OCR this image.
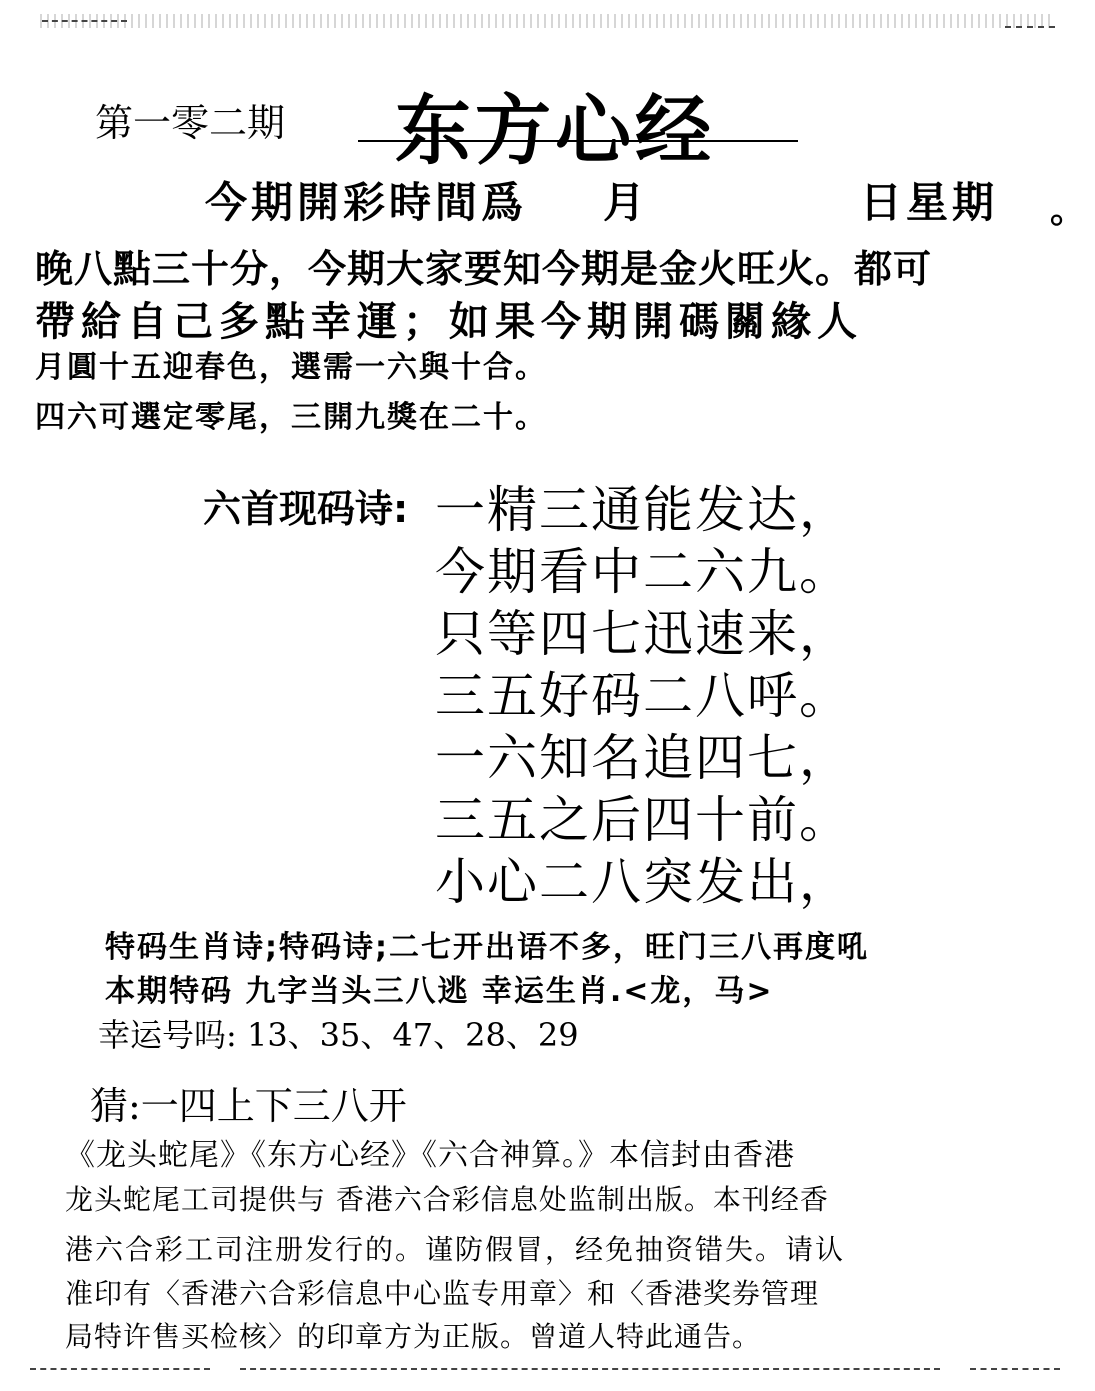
第一零二期 东方心经
今期開彩時間爲 月	日星期 。
晚八點三十分，今期大家要知今期是金火旺火。都可
帶給自己多點幸運；如果今期開碼關緣人
月圓十五迎春色，選需一六與十合。
四六可選定零尾，三開九獎在二十。
六首现码诗: 一精三通能发达，
今期看中二六九。
只等四七迅速来，
三五好码二八呼。
一六知名追四七，
三五之后四十前。
小心二八突发出，
特码生肖诗;特码诗;二七开出语不多，旺门三八再度吼
本期特码 九字当头三八逃 幸运生肖.<龙，马>
幸运号吗: 13、35、47、28、29
猜:一四上下三八开
《龙头蛇尾》《东方心经》《六合神算。》本信封由香港
龙头蛇尾工司提供与 香港六合彩信息处监制出版。本刊经香
港六合彩工司注册发行的。谨防假冒，经免抽资错失。请认
准印有〈香港六合彩信息中心监专用章〉和〈香港奖券管理
局特许售买检核〉的印章方为正版。曾道人特此通告。
